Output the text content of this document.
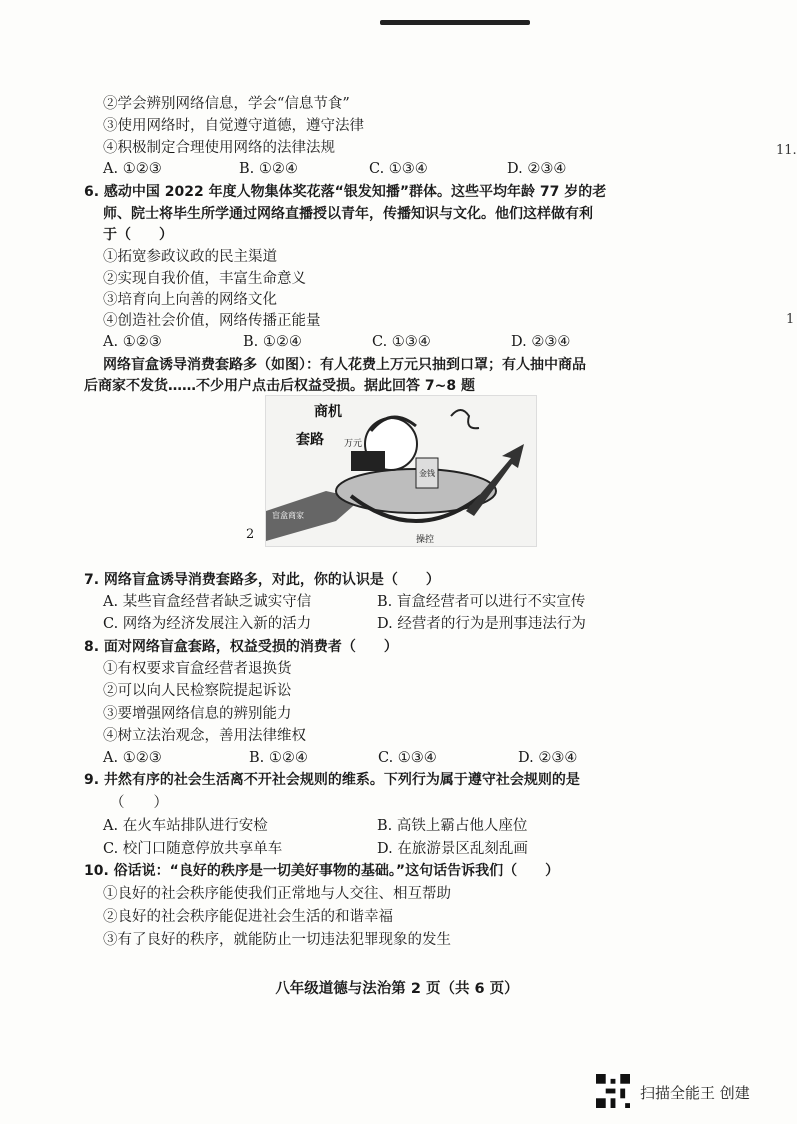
11.
1
②学会辨别网络信息，学会“信息节食”
③使用网络时，自觉遵守道德，遵守法律
④积极制定合理使用网络的法律法规
A. ①②③	B. ①②④	C. ①③④	D. ②③④
6. 感动中国 2022 年度人物集体奖花落“银发知播”群体。这些平均年龄 77 岁的老
师、院士将毕生所学通过网络直播授以青年，传播知识与文化。他们这样做有利
于（　　）
①拓宽参政议政的民主渠道
②实现自我价值，丰富生命意义
③培育向上向善的网络文化
④创造社会价值，网络传播正能量
A. ①②③	B. ①②④	C. ①③④	D. ②③④
网络盲盒诱导消费套路多（如图）：有人花费上万元只抽到口罩；有人抽中商品
后商家不发货……不少用户点击后权益受损。据此回答 7~8 题
商机
套路 万元
金钱
盲盒商家
操控
2
7. 网络盲盒诱导消费套路多，对此，你的认识是（　　）
A. 某些盲盒经营者缺乏诚实守信	B. 盲盒经营者可以进行不实宣传
C. 网络为经济发展注入新的活力	D. 经营者的行为是刑事违法行为
8. 面对网络盲盒套路，权益受损的消费者（　　）
①有权要求盲盒经营者退换货
②可以向人民检察院提起诉讼
③要增强网络信息的辨别能力
④树立法治观念，善用法律维权
A. ①②③	B. ①②④	C. ①③④	D. ②③④
9. 井然有序的社会生活离不开社会规则的维系。下列行为属于遵守社会规则的是
（　　）
A. 在火车站排队进行安检	B. 高铁上霸占他人座位
C. 校门口随意停放共享单车	D. 在旅游景区乱刻乱画
10. 俗话说：“良好的秩序是一切美好事物的基础。”这句话告诉我们（　　）
①良好的社会秩序能使我们正常地与人交往、相互帮助
②良好的社会秩序能促进社会生活的和谐幸福
③有了良好的秩序，就能防止一切违法犯罪现象的发生
八年级道德与法治第 2 页（共 6 页）
扫描全能王 创建
